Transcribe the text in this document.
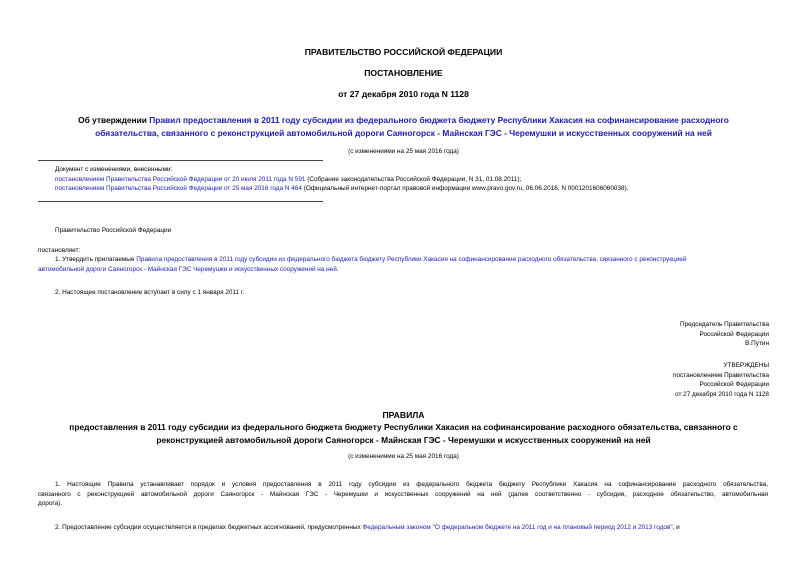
ПРАВИТЕЛЬСТВО РОССИЙСКОЙ ФЕДЕРАЦИИ
ПОСТАНОВЛЕНИЕ
от 27 декабря 2010 года N 1128
Об утверждении Правил предоставления в 2011 году субсидии из федерального бюджета бюджету Республики Хакасия на софинансирование расходного
обязательства, связанного с реконструкцией автомобильной дороги Саяногорск - Майнская ГЭС - Черемушки и искусственных сооружений на ней
(с изменениями на 25 мая 2016 года)
Документ с изменениями, внесенными:
постановлением Правительства Российской Федерации от 20 июля 2011 года N 591 (Собрание законодательства Российской Федерации, N 31, 01.08.2011);
постановлением Правительства Российской Федерации от 25 мая 2016 года N 464 (Официальный интернет-портал правовой информации www.pravo.gov.ru, 06.06.2016, N 0001201606060038).
Правительство Российской Федерации
постановляет:
1. Утвердить прилагаемые Правила предоставления в 2011 году субсидии из федерального бюджета бюджету Республики Хакасия на софинансирование расходного обязательства, связанного с реконструкцией
автомобильной дороги Саяногорск - Майнская ГЭС Черемушки и искусственных сооружений на ней.
2. Настоящее постановление вступает в силу с 1 января 2011 г.
Председатель Правительства
Российской Федерации
В.Путин
УТВЕРЖДЕНЫ
постановлением Правительства
Российской Федерации
от 27 декабря 2010 года N 1128
ПРАВИЛА
предоставления в 2011 году субсидии из федерального бюджета бюджету Республики Хакасия на софинансирование расходного обязательства, связанного с
реконструкцией автомобильной дороги Саяногорск - Майнская ГЭС - Черемушки и искусственных сооружений на ней
(с изменениями на 25 мая 2016 года)
1. Настоящие Правила устанавливает порядок и условия предоставления в 2011 году субсидии из федерального бюджета бюджету Республики Хакасия на софинансирование расходного обязательства,
связанного с реконструкцией автомобильной дороги Саяногорск - Майнская ГЭС - Черемушки и искусственных сооружений на ней (далее соответственно - субсидия, расходное обязательство, автомобильная
дорога).
2. Предоставление субсидии осуществляется в пределах бюджетных ассигнований, предусмотренных Федеральным законом "О федеральном бюджете на 2011 год и на плановый период 2012 и 2013 годов", и
